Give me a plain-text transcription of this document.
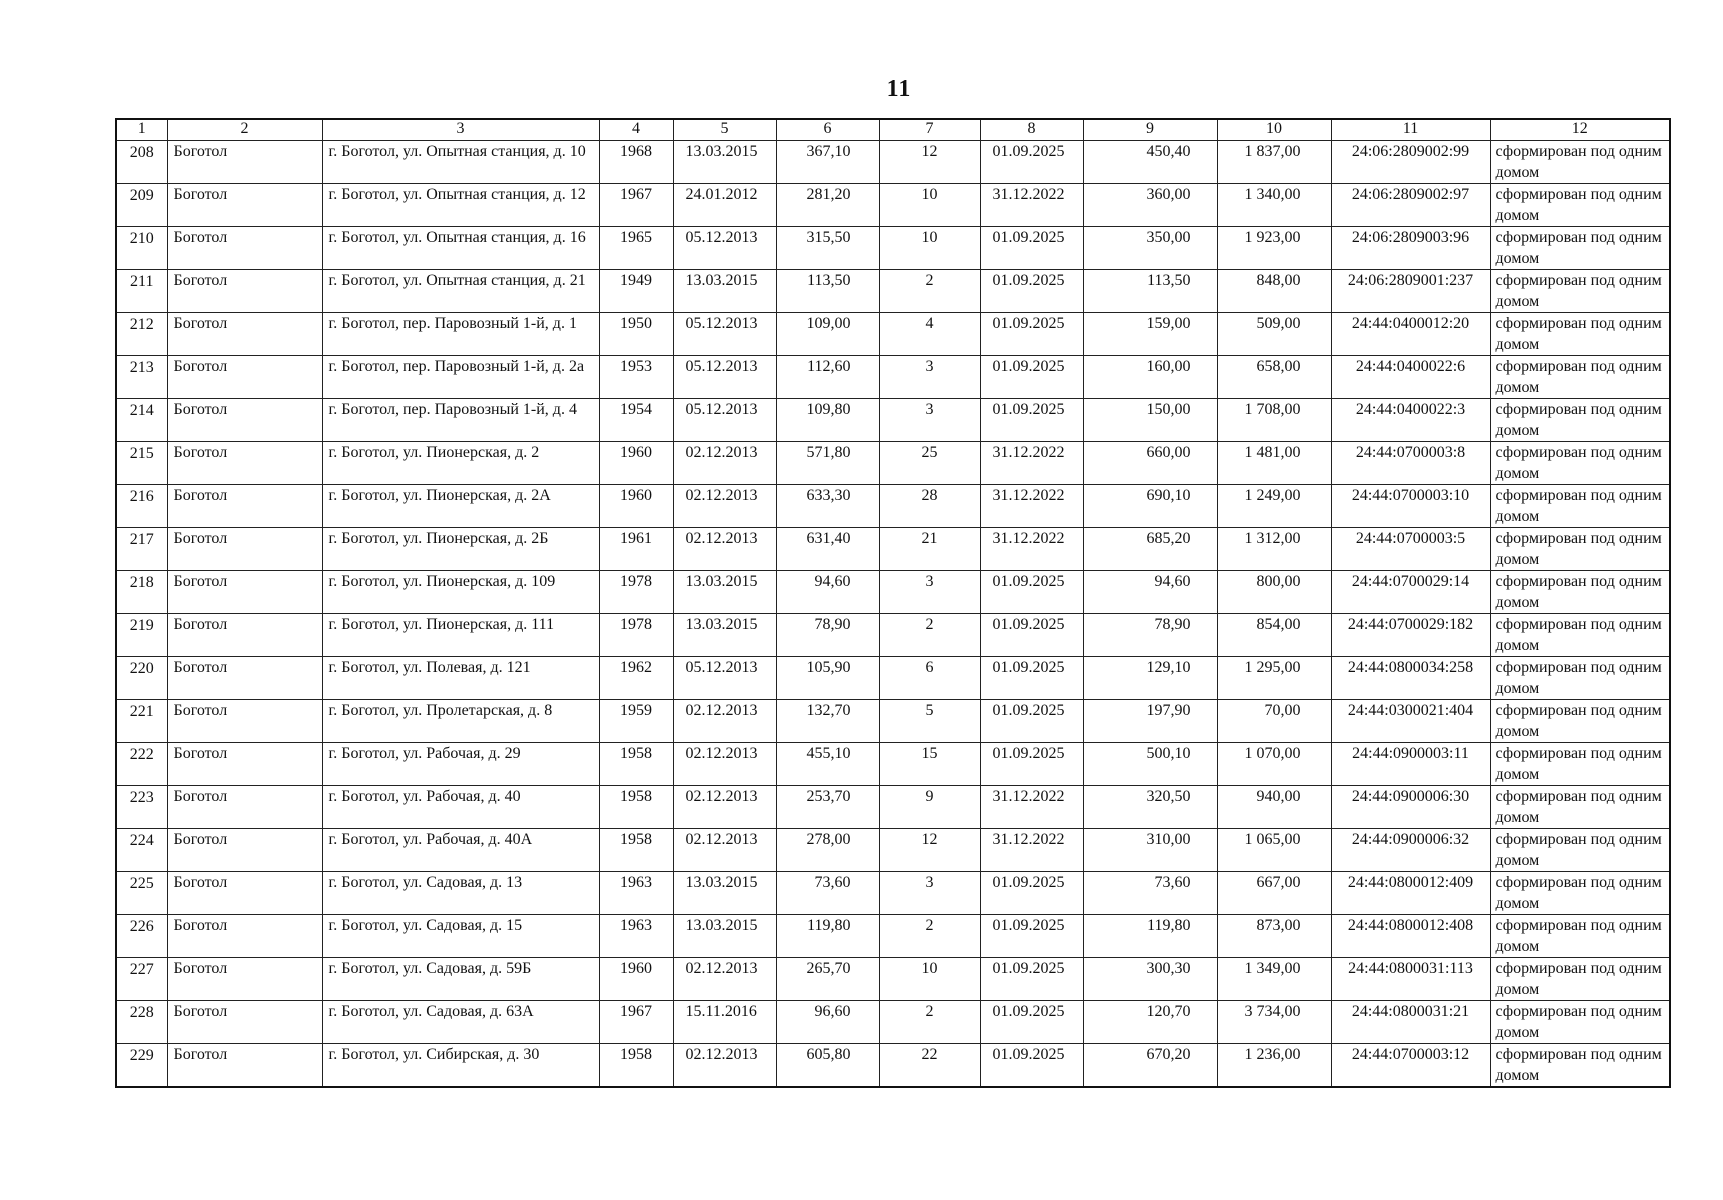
11
1	2	3	4	5	6	7	8	9	10	11	12
208	Боготол	г. Боготол, ул. Опытная станция, д. 10	1968	13.03.2015	367,10	12	01.09.2025	450,40	1 837,00	24:06:2809002:99	сформирован под одним домом
209	Боготол	г. Боготол, ул. Опытная станция, д. 12	1967	24.01.2012	281,20	10	31.12.2022	360,00	1 340,00	24:06:2809002:97	сформирован под одним домом
210	Боготол	г. Боготол, ул. Опытная станция, д. 16	1965	05.12.2013	315,50	10	01.09.2025	350,00	1 923,00	24:06:2809003:96	сформирован под одним домом
211	Боготол	г. Боготол, ул. Опытная станция, д. 21	1949	13.03.2015	113,50	2	01.09.2025	113,50	848,00	24:06:2809001:237	сформирован под одним домом
212	Боготол	г. Боготол, пер. Паровозный 1-й, д. 1	1950	05.12.2013	109,00	4	01.09.2025	159,00	509,00	24:44:0400012:20	сформирован под одним домом
213	Боготол	г. Боготол, пер. Паровозный 1-й, д. 2а	1953	05.12.2013	112,60	3	01.09.2025	160,00	658,00	24:44:0400022:6	сформирован под одним домом
214	Боготол	г. Боготол, пер. Паровозный 1-й, д. 4	1954	05.12.2013	109,80	3	01.09.2025	150,00	1 708,00	24:44:0400022:3	сформирован под одним домом
215	Боготол	г. Боготол, ул. Пионерская, д. 2	1960	02.12.2013	571,80	25	31.12.2022	660,00	1 481,00	24:44:0700003:8	сформирован под одним домом
216	Боготол	г. Боготол, ул. Пионерская, д. 2А	1960	02.12.2013	633,30	28	31.12.2022	690,10	1 249,00	24:44:0700003:10	сформирован под одним домом
217	Боготол	г. Боготол, ул. Пионерская, д. 2Б	1961	02.12.2013	631,40	21	31.12.2022	685,20	1 312,00	24:44:0700003:5	сформирован под одним домом
218	Боготол	г. Боготол, ул. Пионерская, д. 109	1978	13.03.2015	94,60	3	01.09.2025	94,60	800,00	24:44:0700029:14	сформирован под одним домом
219	Боготол	г. Боготол, ул. Пионерская, д. 111	1978	13.03.2015	78,90	2	01.09.2025	78,90	854,00	24:44:0700029:182	сформирован под одним домом
220	Боготол	г. Боготол, ул. Полевая, д. 121	1962	05.12.2013	105,90	6	01.09.2025	129,10	1 295,00	24:44:0800034:258	сформирован под одним домом
221	Боготол	г. Боготол, ул. Пролетарская, д. 8	1959	02.12.2013	132,70	5	01.09.2025	197,90	70,00	24:44:0300021:404	сформирован под одним домом
222	Боготол	г. Боготол, ул. Рабочая, д. 29	1958	02.12.2013	455,10	15	01.09.2025	500,10	1 070,00	24:44:0900003:11	сформирован под одним домом
223	Боготол	г. Боготол, ул. Рабочая, д. 40	1958	02.12.2013	253,70	9	31.12.2022	320,50	940,00	24:44:0900006:30	сформирован под одним домом
224	Боготол	г. Боготол, ул. Рабочая, д. 40А	1958	02.12.2013	278,00	12	31.12.2022	310,00	1 065,00	24:44:0900006:32	сформирован под одним домом
225	Боготол	г. Боготол, ул. Садовая, д. 13	1963	13.03.2015	73,60	3	01.09.2025	73,60	667,00	24:44:0800012:409	сформирован под одним домом
226	Боготол	г. Боготол, ул. Садовая, д. 15	1963	13.03.2015	119,80	2	01.09.2025	119,80	873,00	24:44:0800012:408	сформирован под одним домом
227	Боготол	г. Боготол, ул. Садовая, д. 59Б	1960	02.12.2013	265,70	10	01.09.2025	300,30	1 349,00	24:44:0800031:113	сформирован под одним домом
228	Боготол	г. Боготол, ул. Садовая, д. 63А	1967	15.11.2016	96,60	2	01.09.2025	120,70	3 734,00	24:44:0800031:21	сформирован под одним домом
229	Боготол	г. Боготол, ул. Сибирская, д. 30	1958	02.12.2013	605,80	22	01.09.2025	670,20	1 236,00	24:44:0700003:12	сформирован под одним домом
